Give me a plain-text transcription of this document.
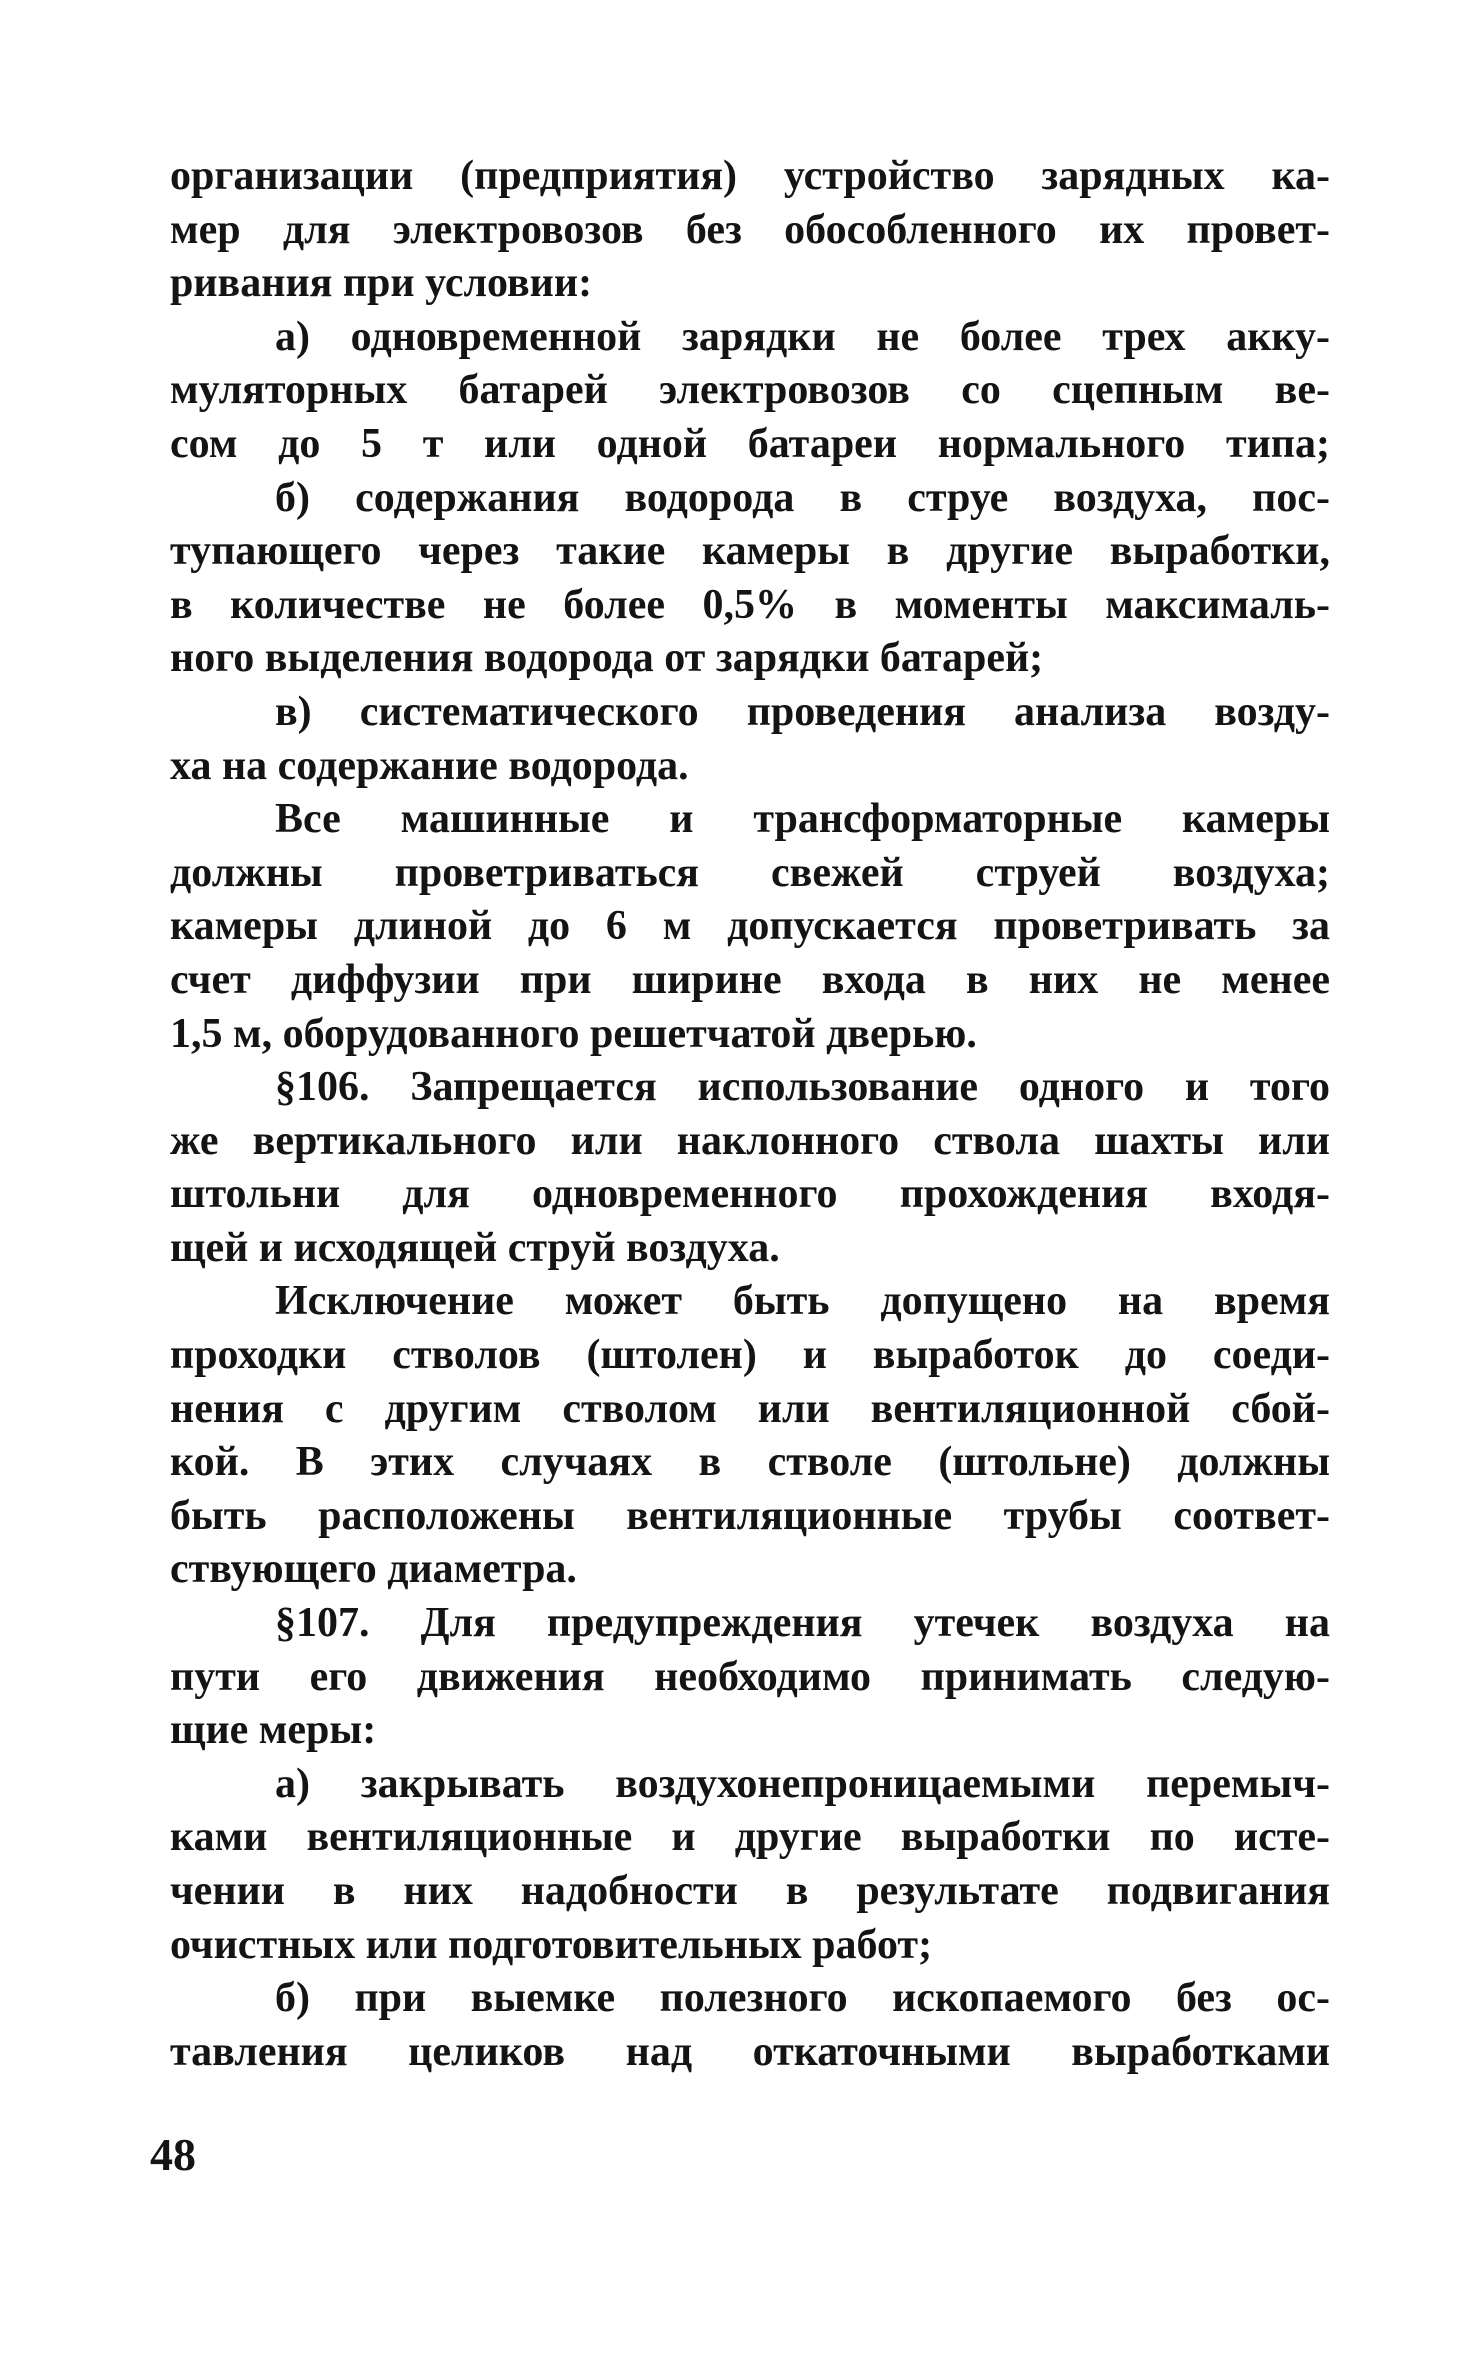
организации (предприятия) устройство зарядных ка-
мер для электровозов без обособленного их провет-
ривания при условии:
а) одновременной зарядки не более трех акку-
муляторных батарей электровозов со сцепным ве-
сом до 5 т или одной батареи нормального типа;
б) содержания водорода в струе воздуха, пос-
тупающего через такие камеры в другие выработки,
в количестве не более 0,5% в моменты максималь-
ного выделения водорода от зарядки батарей;
в) систематического проведения анализа возду-
ха на содержание водорода.
Все машинные и трансформаторные камеры
должны проветриваться свежей струей воздуха;
камеры длиной до 6 м допускается проветривать за
счет диффузии при ширине входа в них не менее
1,5 м, оборудованного решетчатой дверью.
§106. Запрещается использование одного и того
же вертикального или наклонного ствола шахты или
штольни для одновременного прохождения входя-
щей и исходящей струй воздуха.
Исключение может быть допущено на время
проходки стволов (штолен) и выработок до соеди-
нения с другим стволом или вентиляционной сбой-
кой. В этих случаях в стволе (штольне) должны
быть расположены вентиляционные трубы соответ-
ствующего диаметра.
§107. Для предупреждения утечек воздуха на
пути его движения необходимо принимать следую-
щие меры:
а) закрывать воздухонепроницаемыми перемыч-
ками вентиляционные и другие выработки по исте-
чении в них надобности в результате подвигания
очистных или подготовительных работ;
б) при выемке полезного ископаемого без ос-
тавления целиков над откаточными выработками
48
